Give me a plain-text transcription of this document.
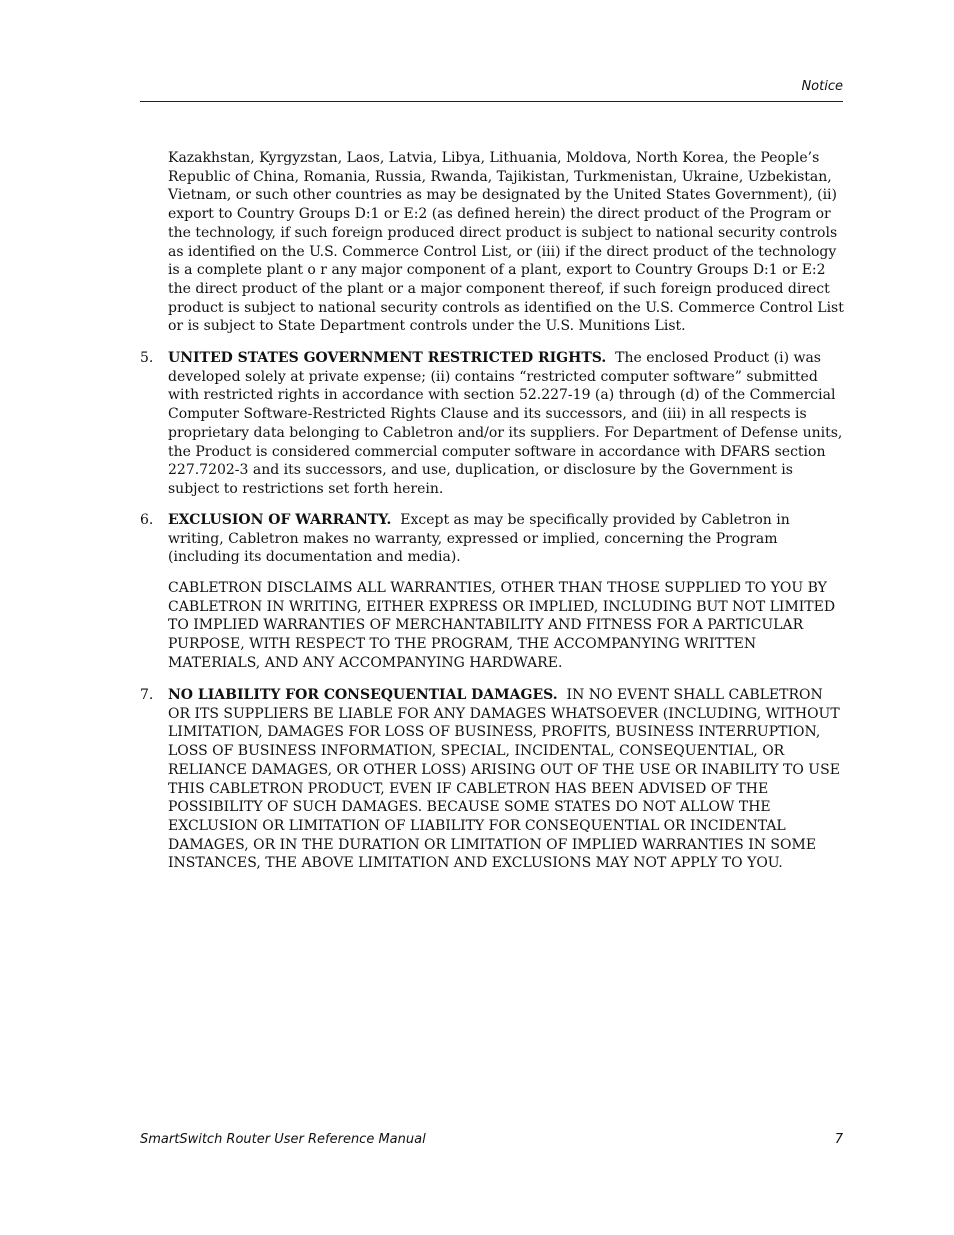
Notice

Kazakhstan, Kyrgyzstan, Laos, Latvia, Libya, Lithuania, Moldova, North Korea, the People’s Republic of China, Romania, Russia, Rwanda, Tajikistan, Turkmenistan, Ukraine, Uzbekistan, Vietnam, or such other countries as may be designated by the United States Government), (ii) export to Country Groups D:1 or E:2 (as defined herein) the direct product of the Program or the technology, if such foreign produced direct product is subject to national security controls as identified on the U.S. Commerce Control List, or (iii) if the direct product of the technology is a complete plant o r any major component of a plant, export to Country Groups D:1 or E:2 the direct product of the plant or a major component thereof, if such foreign produced direct product is subject to national security controls as identified on the U.S. Commerce Control List or is subject to State Department controls under the U.S. Munitions List.

5. UNITED STATES GOVERNMENT RESTRICTED RIGHTS. The enclosed Product (i) was developed solely at private expense; (ii) contains “restricted computer software” submitted with restricted rights in accordance with section 52.227-19 (a) through (d) of the Commercial Computer Software-Restricted Rights Clause and its successors, and (iii) in all respects is proprietary data belonging to Cabletron and/or its suppliers. For Department of Defense units, the Product is considered commercial computer software in accordance with DFARS section 227.7202-3 and its successors, and use, duplication, or disclosure by the Government is subject to restrictions set forth herein.

6. EXCLUSION OF WARRANTY. Except as may be specifically provided by Cabletron in writing, Cabletron makes no warranty, expressed or implied, concerning the Program (including its documentation and media).

CABLETRON DISCLAIMS ALL WARRANTIES, OTHER THAN THOSE SUPPLIED TO YOU BY CABLETRON IN WRITING, EITHER EXPRESS OR IMPLIED, INCLUDING BUT NOT LIMITED TO IMPLIED WARRANTIES OF MERCHANTABILITY AND FITNESS FOR A PARTICULAR PURPOSE, WITH RESPECT TO THE PROGRAM, THE ACCOMPANYING WRITTEN MATERIALS, AND ANY ACCOMPANYING HARDWARE.

7. NO LIABILITY FOR CONSEQUENTIAL DAMAGES. IN NO EVENT SHALL CABLETRON OR ITS SUPPLIERS BE LIABLE FOR ANY DAMAGES WHATSOEVER (INCLUDING, WITHOUT LIMITATION, DAMAGES FOR LOSS OF BUSINESS, PROFITS, BUSINESS INTERRUPTION, LOSS OF BUSINESS INFORMATION, SPECIAL, INCIDENTAL, CONSEQUENTIAL, OR RELIANCE DAMAGES, OR OTHER LOSS) ARISING OUT OF THE USE OR INABILITY TO USE THIS CABLETRON PRODUCT, EVEN IF CABLETRON HAS BEEN ADVISED OF THE POSSIBILITY OF SUCH DAMAGES. BECAUSE SOME STATES DO NOT ALLOW THE EXCLUSION OR LIMITATION OF LIABILITY FOR CONSEQUENTIAL OR INCIDENTAL DAMAGES, OR IN THE DURATION OR LIMITATION OF IMPLIED WARRANTIES IN SOME INSTANCES, THE ABOVE LIMITATION AND EXCLUSIONS MAY NOT APPLY TO YOU.

SmartSwitch Router User Reference Manual	7
